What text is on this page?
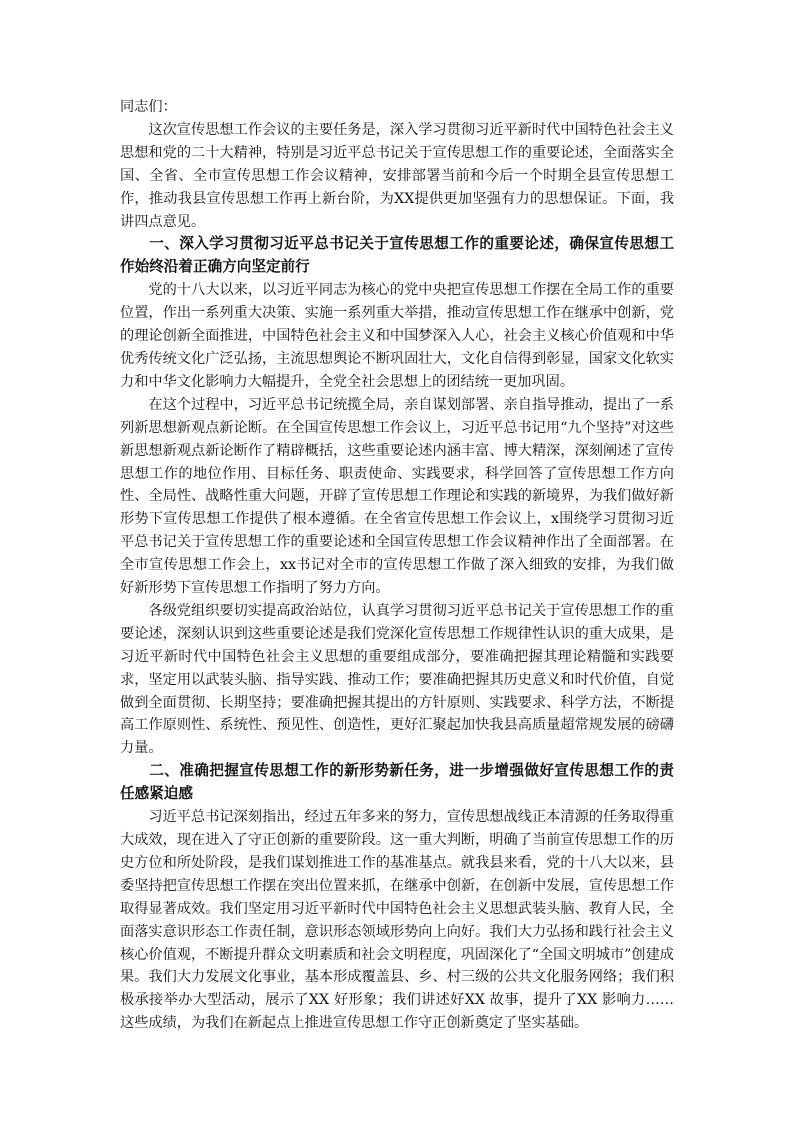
同志们：

这次宣传思想工作会议的主要任务是，深入学习贯彻习近平新时代中国特色社会主义思想和党的二十大精神，特别是习近平总书记关于宣传思想工作的重要论述，全面落实全国、全省、全市宣传思想工作会议精神，安排部署当前和今后一个时期全县宣传思想工作，推动我县宣传思想工作再上新台阶，为XX提供更加坚强有力的思想保证。下面，我讲四点意见。

一、深入学习贯彻习近平总书记关于宣传思想工作的重要论述，确保宣传思想工作始终沿着正确方向坚定前行

党的十八大以来，以习近平同志为核心的党中央把宣传思想工作摆在全局工作的重要位置，作出一系列重大决策、实施一系列重大举措，推动宣传思想工作在继承中创新，党的理论创新全面推进，中国特色社会主义和中国梦深入人心，社会主义核心价值观和中华优秀传统文化广泛弘扬，主流思想舆论不断巩固壮大，文化自信得到彰显，国家文化软实力和中华文化影响力大幅提升，全党全社会思想上的团结统一更加巩固。

在这个过程中，习近平总书记统揽全局，亲自谋划部署、亲自指导推动，提出了一系列新思想新观点新论断。在全国宣传思想工作会议上，习近平总书记用“九个坚持”对这些新思想新观点新论断作了精辟概括，这些重要论述内涵丰富、博大精深，深刻阐述了宣传思想工作的地位作用、目标任务、职责使命、实践要求，科学回答了宣传思想工作方向性、全局性、战略性重大问题，开辟了宣传思想工作理论和实践的新境界，为我们做好新形势下宣传思想工作提供了根本遵循。在全省宣传思想工作会议上，x围绕学习贯彻习近平总书记关于宣传思想工作的重要论述和全国宣传思想工作会议精神作出了全面部署。在全市宣传思想工作会上，xx书记对全市的宣传思想工作做了深入细致的安排，为我们做好新形势下宣传思想工作指明了努力方向。

各级党组织要切实提高政治站位，认真学习贯彻习近平总书记关于宣传思想工作的重要论述，深刻认识到这些重要论述是我们党深化宣传思想工作规律性认识的重大成果，是习近平新时代中国特色社会主义思想的重要组成部分，要准确把握其理论精髓和实践要求，坚定用以武装头脑、指导实践、推动工作；要准确把握其历史意义和时代价值，自觉做到全面贯彻、长期坚持；要准确把握其提出的方针原则、实践要求、科学方法，不断提高工作原则性、系统性、预见性、创造性，更好汇聚起加快我县高质量超常规发展的磅礴力量。

二、准确把握宣传思想工作的新形势新任务，进一步增强做好宣传思想工作的责任感紧迫感

习近平总书记深刻指出，经过五年多来的努力，宣传思想战线正本清源的任务取得重大成效，现在进入了守正创新的重要阶段。这一重大判断，明确了当前宣传思想工作的历史方位和所处阶段，是我们谋划推进工作的基准基点。就我县来看，党的十八大以来，县委坚持把宣传思想工作摆在突出位置来抓，在继承中创新，在创新中发展，宣传思想工作取得显著成效。我们坚定用习近平新时代中国特色社会主义思想武装头脑、教育人民，全面落实意识形态工作责任制，意识形态领域形势向上向好。我们大力弘扬和践行社会主义核心价值观，不断提升群众文明素质和社会文明程度，巩固深化了“全国文明城市”创建成果。我们大力发展文化事业，基本形成覆盖县、乡、村三级的公共文化服务网络；我们积极承接举办大型活动，展示了XX 好形象；我们讲述好XX 故事，提升了XX 影响力……这些成绩，为我们在新起点上推进宣传思想工作守正创新奠定了坚实基础。
